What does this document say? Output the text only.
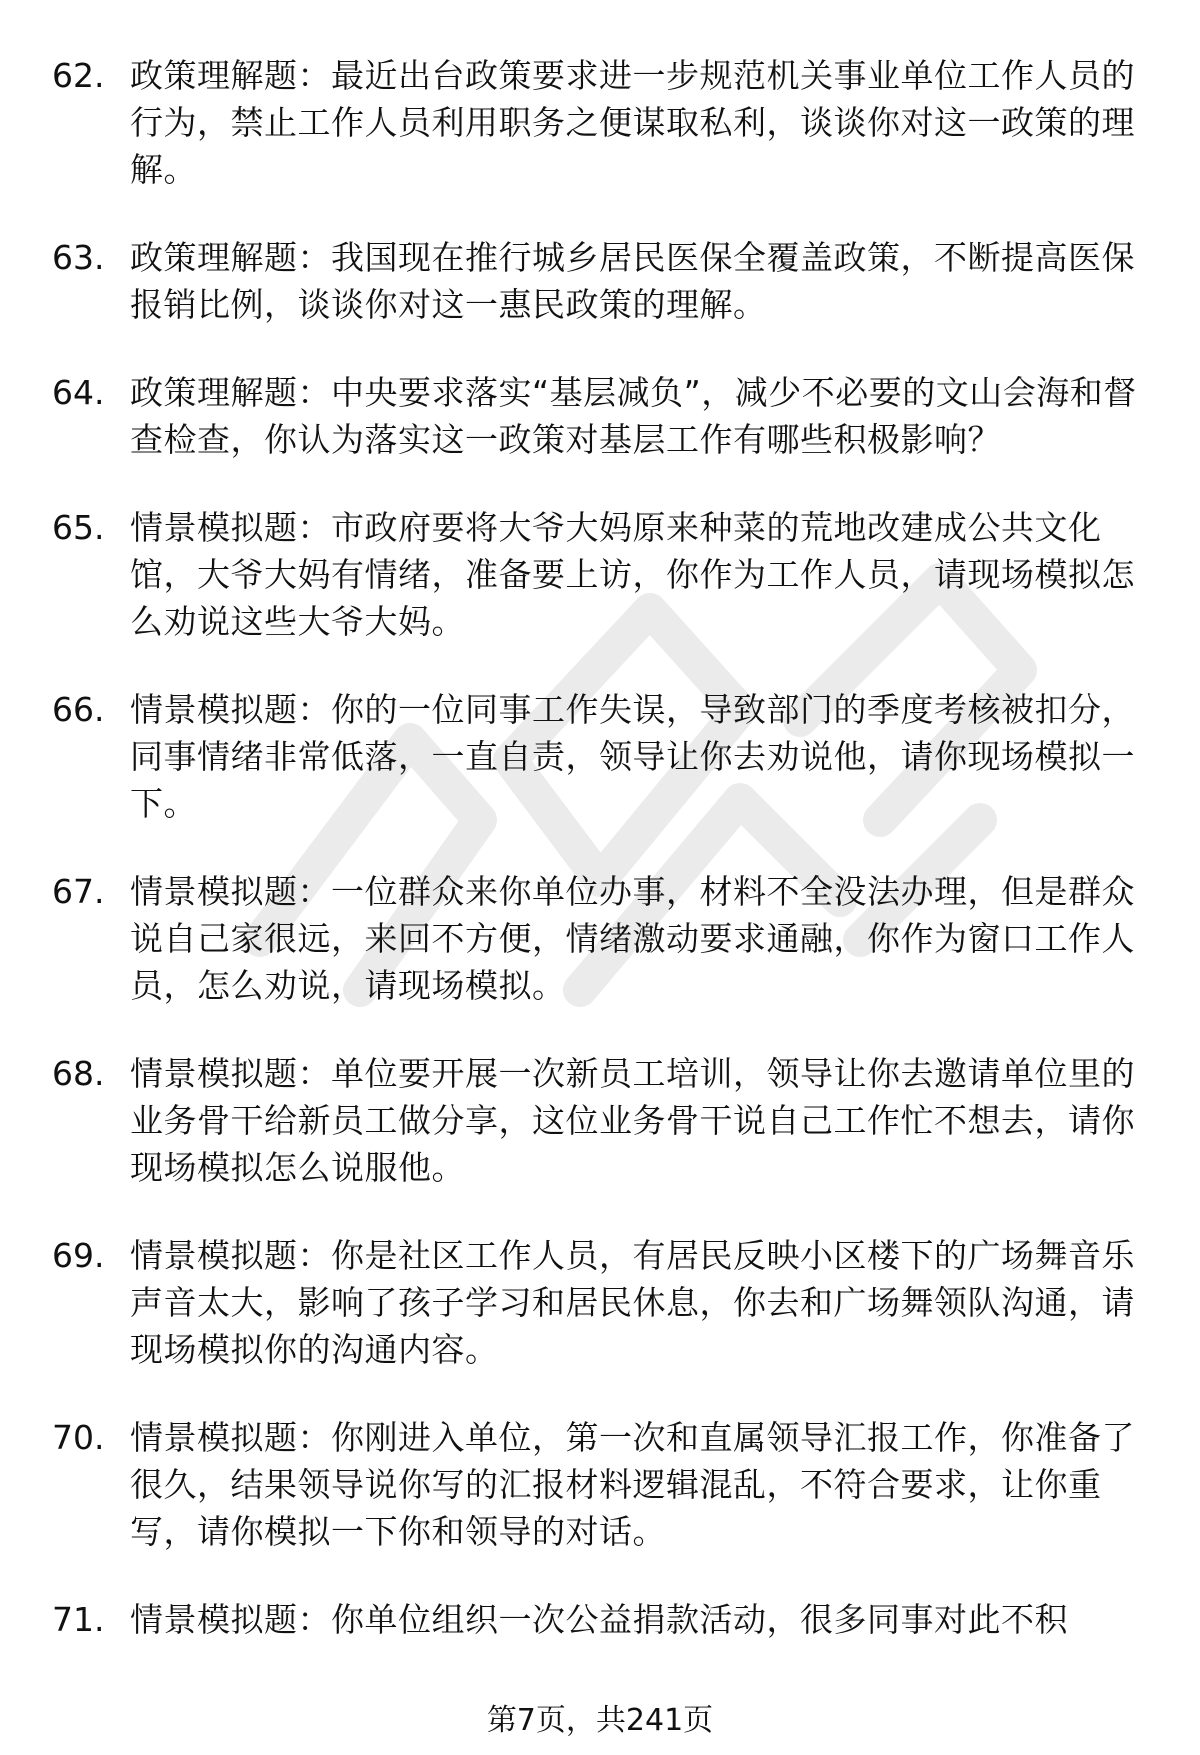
62. 政策理解题：最近出台政策要求进一步规范机关事业单位工作人员的行为，禁止工作人员利用职务之便谋取私利，谈谈你对这一政策的理解。
63. 政策理解题：我国现在推行城乡居民医保全覆盖政策，不断提高医保报销比例，谈谈你对这一惠民政策的理解。
64. 政策理解题：中央要求落实“基层减负”，减少不必要的文山会海和督查检查，你认为落实这一政策对基层工作有哪些积极影响？
65. 情景模拟题：市政府要将大爷大妈原来种菜的荒地改建成公共文化馆，大爷大妈有情绪，准备要上访，你作为工作人员，请现场模拟怎么劝说这些大爷大妈。
66. 情景模拟题：你的一位同事工作失误，导致部门的季度考核被扣分，同事情绪非常低落，一直自责，领导让你去劝说他，请你现场模拟一下。
67. 情景模拟题：一位群众来你单位办事，材料不全没法办理，但是群众说自己家很远，来回不方便，情绪激动要求通融，你作为窗口工作人员，怎么劝说，请现场模拟。
68. 情景模拟题：单位要开展一次新员工培训，领导让你去邀请单位里的业务骨干给新员工做分享，这位业务骨干说自己工作忙不想去，请你现场模拟怎么说服他。
69. 情景模拟题：你是社区工作人员，有居民反映小区楼下的广场舞音乐声音太大，影响了孩子学习和居民休息，你去和广场舞领队沟通，请现场模拟你的沟通内容。
70. 情景模拟题：你刚进入单位，第一次和直属领导汇报工作，你准备了很久，结果领导说你写的汇报材料逻辑混乱，不符合要求，让你重写，请你模拟一下你和领导的对话。
71. 情景模拟题：你单位组织一次公益捐款活动，很多同事对此不积
第7页，共241页
